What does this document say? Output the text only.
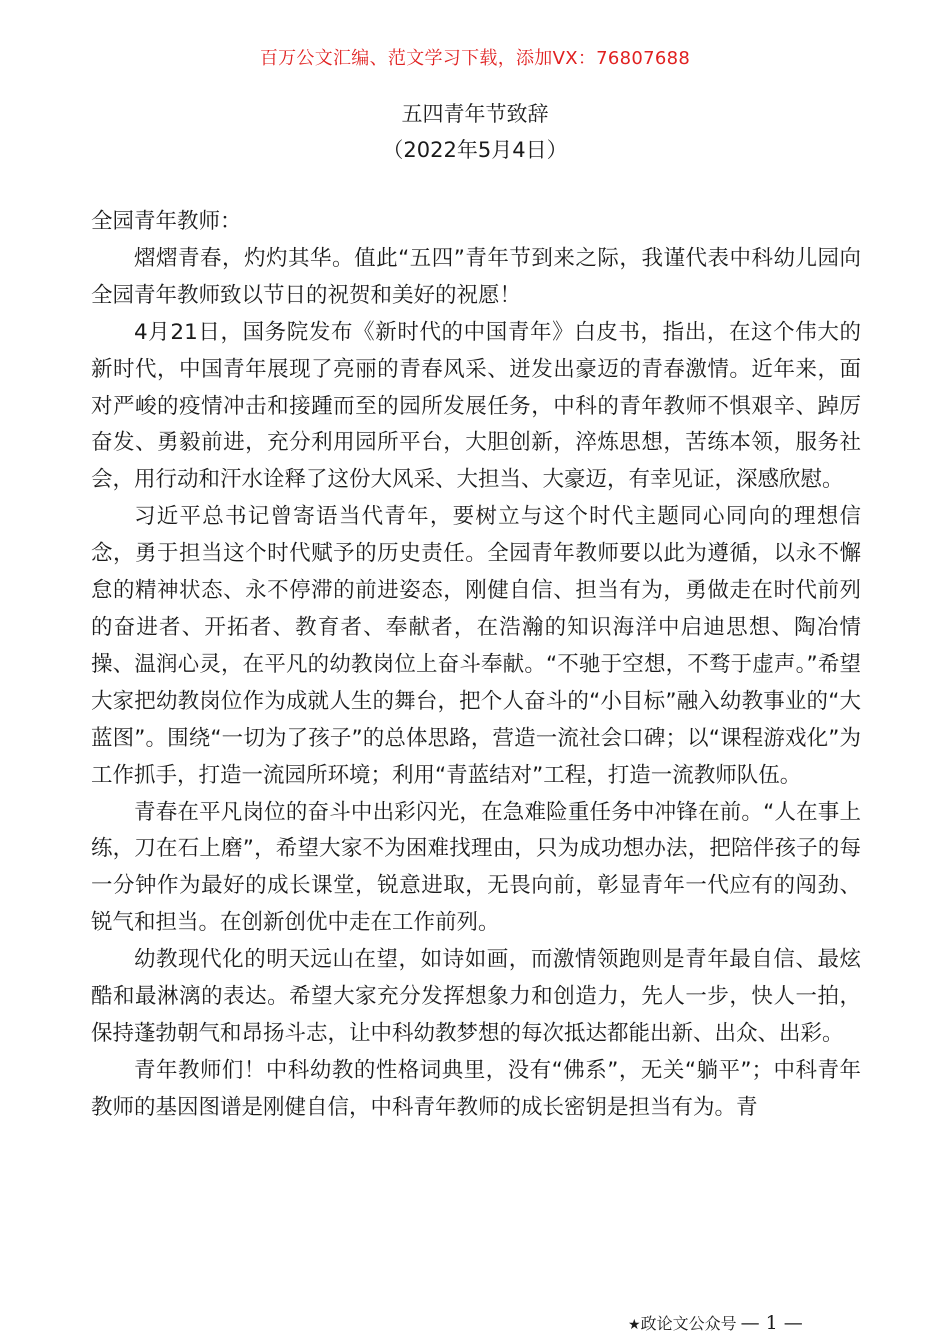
百万公文汇编、范文学习下载，添加VX：76807688
五四青年节致辞
（2022年5月4日）

全园青年教师：

熠熠青春，灼灼其华。值此“五四”青年节到来之际，我谨代表中科幼儿园向全园青年教师致以节日的祝贺和美好的祝愿！

4月21日，国务院发布《新时代的中国青年》白皮书，指出，在这个伟大的新时代，中国青年展现了亮丽的青春风采、迸发出豪迈的青春激情。近年来，面对严峻的疫情冲击和接踵而至的园所发展任务，中科的青年教师不惧艰辛、踔厉奋发、勇毅前进，充分利用园所平台，大胆创新，淬炼思想，苦练本领，服务社会，用行动和汗水诠释了这份大风采、大担当、大豪迈，有幸见证，深感欣慰。

习近平总书记曾寄语当代青年，要树立与这个时代主题同心同向的理想信念，勇于担当这个时代赋予的历史责任。全园青年教师要以此为遵循，以永不懈怠的精神状态、永不停滞的前进姿态，刚健自信、担当有为，勇做走在时代前列的奋进者、开拓者、教育者、奉献者，在浩瀚的知识海洋中启迪思想、陶冶情操、温润心灵，在平凡的幼教岗位上奋斗奉献。“不驰于空想，不骛于虚声。”希望大家把幼教岗位作为成就人生的舞台，把个人奋斗的“小目标”融入幼教事业的“大蓝图”。围绕“一切为了孩子”的总体思路，营造一流社会口碑；以“课程游戏化”为工作抓手，打造一流园所环境；利用“青蓝结对”工程，打造一流教师队伍。

青春在平凡岗位的奋斗中出彩闪光，在急难险重任务中冲锋在前。“人在事上练，刀在石上磨”，希望大家不为困难找理由，只为成功想办法，把陪伴孩子的每一分钟作为最好的成长课堂，锐意进取，无畏向前，彰显青年一代应有的闯劲、锐气和担当。在创新创优中走在工作前列。

幼教现代化的明天远山在望，如诗如画，而激情领跑则是青年最自信、最炫酷和最淋漓的表达。希望大家充分发挥想象力和创造力，先人一步，快人一拍，保持蓬勃朝气和昂扬斗志，让中科幼教梦想的每次抵达都能出新、出众、出彩。

青年教师们！中科幼教的性格词典里，没有“佛系”，无关“躺平”；中科青年教师的基因图谱是刚健自信，中科青年教师的成长密钥是担当有为。青

★政论文公众号 — 1 —
